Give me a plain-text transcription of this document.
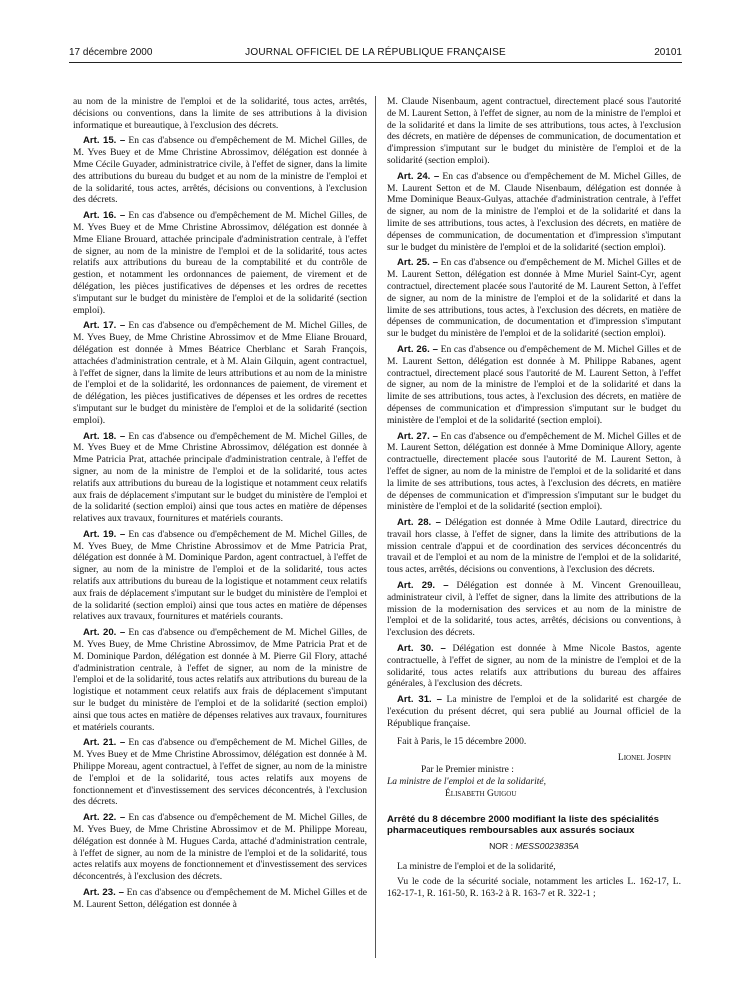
17 décembre 2000	JOURNAL OFFICIEL DE LA RÉPUBLIQUE FRANÇAISE	20101
au nom de la ministre de l'emploi et de la solidarité, tous actes, arrêtés, décisions ou conventions, dans la limite de ses attributions à la division informatique et bureautique, à l'exclusion des décrets.
Art. 15. – En cas d'absence ou d'empêchement de M. Michel Gilles, de M. Yves Buey et de Mme Christine Abrossimov, délégation est donnée à Mme Cécile Guyader, administratrice civile, à l'effet de signer, dans la limite des attributions du bureau du budget et au nom de la ministre de l'emploi et de la solidarité, tous actes, arrêtés, décisions ou conventions, à l'exclusion des décrets.
Art. 16. – En cas d'absence ou d'empêchement de M. Michel Gilles, de M. Yves Buey et de Mme Christine Abrossimov, délégation est donnée à Mme Eliane Brouard, attachée principale d'administration centrale, à l'effet de signer, au nom de la ministre de l'emploi et de la solidarité, tous actes relatifs aux attributions du bureau de la comptabilité et du contrôle de gestion, et notamment les ordonnances de paiement, de virement et de délégation, les pièces justificatives de dépenses et les ordres de recettes s'imputant sur le budget du ministère de l'emploi et de la solidarité (section emploi).
Art. 17. – En cas d'absence ou d'empêchement de M. Michel Gilles, de M. Yves Buey, de Mme Christine Abrossimov et de Mme Eliane Brouard, délégation est donnée à Mmes Béatrice Cherblanc et Sarah François, attachées d'administration centrale, et à M. Alain Gilquin, agent contractuel, à l'effet de signer, dans la limite de leurs attributions et au nom de la ministre de l'emploi et de la solidarité, les ordonnances de paiement, de virement et de délégation, les pièces justificatives de dépenses et les ordres de recettes s'imputant sur le budget du ministère de l'emploi et de la solidarité (section emploi).
Art. 18. – En cas d'absence ou d'empêchement de M. Michel Gilles, de M. Yves Buey et de Mme Christine Abrossimov, délégation est donnée à Mme Patricia Prat, attachée principale d'administration centrale, à l'effet de signer, au nom de la ministre de l'emploi et de la solidarité, tous actes relatifs aux attributions du bureau de la logistique et notamment ceux relatifs aux frais de déplacement s'imputant sur le budget du ministère de l'emploi et de la solidarité (section emploi) ainsi que tous actes en matière de dépenses relatives aux travaux, fournitures et matériels courants.
Art. 19. – En cas d'absence ou d'empêchement de M. Michel Gilles, de M. Yves Buey, de Mme Christine Abrossimov et de Mme Patricia Prat, délégation est donnée à M. Dominique Pardon, agent contractuel, à l'effet de signer, au nom de la ministre de l'emploi et de la solidarité, tous actes relatifs aux attributions du bureau de la logistique et notamment ceux relatifs aux frais de déplacement s'imputant sur le budget du ministère de l'emploi et de la solidarité (section emploi) ainsi que tous actes en matière de dépenses relatives aux travaux, fournitures et matériels courants.
Art. 20. – En cas d'absence ou d'empêchement de M. Michel Gilles, de M. Yves Buey, de Mme Christine Abrossimov, de Mme Patricia Prat et de M. Dominique Pardon, délégation est donnée à M. Pierre Gil Flory, attaché d'administration centrale, à l'effet de signer, au nom de la ministre de l'emploi et de la solidarité, tous actes relatifs aux attributions du bureau de la logistique et notamment ceux relatifs aux frais de déplacement s'imputant sur le budget du ministère de l'emploi et de la solidarité (section emploi) ainsi que tous actes en matière de dépenses relatives aux travaux, fournitures et matériels courants.
Art. 21. – En cas d'absence ou d'empêchement de M. Michel Gilles, de M. Yves Buey et de Mme Christine Abrossimov, délégation est donnée à M. Philippe Moreau, agent contractuel, à l'effet de signer, au nom de la ministre de l'emploi et de la solidarité, tous actes relatifs aux moyens de fonctionnement et d'investissement des services déconcentrés, à l'exclusion des décrets.
Art. 22. – En cas d'absence ou d'empêchement de M. Michel Gilles, de M. Yves Buey, de Mme Christine Abrossimov et de M. Philippe Moreau, délégation est donnée à M. Hugues Carda, attaché d'administration centrale, à l'effet de signer, au nom de la ministre de l'emploi et de la solidarité, tous actes relatifs aux moyens de fonctionnement et d'investissement des services déconcentrés, à l'exclusion des décrets.
Art. 23. – En cas d'absence ou d'empêchement de M. Michel Gilles et de M. Laurent Setton, délégation est donnée à
M. Claude Nisenbaum, agent contractuel, directement placé sous l'autorité de M. Laurent Setton, à l'effet de signer, au nom de la ministre de l'emploi et de la solidarité et dans la limite de ses attributions, tous actes, à l'exclusion des décrets, en matière de dépenses de communication, de documentation et d'impression s'imputant sur le budget du ministère de l'emploi et de la solidarité (section emploi).
Art. 24. – En cas d'absence ou d'empêchement de M. Michel Gilles, de M. Laurent Setton et de M. Claude Nisenbaum, délégation est donnée à Mme Dominique Beaux-Gulyas, attachée d'administration centrale, à l'effet de signer, au nom de la ministre de l'emploi et de la solidarité et dans la limite de ses attributions, tous actes, à l'exclusion des décrets, en matière de dépenses de communication, de documentation et d'impression s'imputant sur le budget du ministère de l'emploi et de la solidarité (section emploi).
Art. 25. – En cas d'absence ou d'empêchement de M. Michel Gilles et de M. Laurent Setton, délégation est donnée à Mme Muriel Saint-Cyr, agent contractuel, directement placée sous l'autorité de M. Laurent Setton, à l'effet de signer, au nom de la ministre de l'emploi et de la solidarité et dans la limite de ses attributions, tous actes, à l'exclusion des décrets, en matière de dépenses de communication, de documentation et d'impression s'imputant sur le budget du ministère de l'emploi et de la solidarité (section emploi).
Art. 26. – En cas d'absence ou d'empêchement de M. Michel Gilles et de M. Laurent Setton, délégation est donnée à M. Philippe Rabanes, agent contractuel, directement placé sous l'autorité de M. Laurent Setton, à l'effet de signer, au nom de la ministre de l'emploi et de la solidarité et dans la limite de ses attributions, tous actes, à l'exclusion des décrets, en matière de dépenses de communication et d'impression s'imputant sur le budget du ministère de l'emploi et de la solidarité (section emploi).
Art. 27. – En cas d'absence ou d'empêchement de M. Michel Gilles et de M. Laurent Setton, délégation est donnée à Mme Dominique Allory, agente contractuelle, directement placée sous l'autorité de M. Laurent Setton, à l'effet de signer, au nom de la ministre de l'emploi et de la solidarité et dans la limite de ses attributions, tous actes, à l'exclusion des décrets, en matière de dépenses de communication et d'impression s'imputant sur le budget du ministère de l'emploi et de la solidarité (section emploi).
Art. 28. – Délégation est donnée à Mme Odile Lautard, directrice du travail hors classe, à l'effet de signer, dans la limite des attributions de la mission centrale d'appui et de coordination des services déconcentrés du travail et de l'emploi et au nom de la ministre de l'emploi et de la solidarité, tous actes, arrêtés, décisions ou conventions, à l'exclusion des décrets.
Art. 29. – Délégation est donnée à M. Vincent Grenouilleau, administrateur civil, à l'effet de signer, dans la limite des attributions de la mission de la modernisation des services et au nom de la ministre de l'emploi et de la solidarité, tous actes, arrêtés, décisions ou conventions, à l'exclusion des décrets.
Art. 30. – Délégation est donnée à Mme Nicole Bastos, agente contractuelle, à l'effet de signer, au nom de la ministre de l'emploi et de la solidarité, tous actes relatifs aux attributions du bureau des affaires générales, à l'exclusion des décrets.
Art. 31. – La ministre de l'emploi et de la solidarité est chargée de l'exécution du présent décret, qui sera publié au Journal officiel de la République française.
Fait à Paris, le 15 décembre 2000.
Lionel Jospin
Par le Premier ministre :
La ministre de l'emploi et de la solidarité,
Élisabeth Guigou
Arrêté du 8 décembre 2000 modifiant la liste des spécialités pharmaceutiques remboursables aux assurés sociaux
NOR : MESS0023835A
La ministre de l'emploi et de la solidarité,
Vu le code de la sécurité sociale, notamment les articles L. 162-17, L. 162-17-1, R. 161-50, R. 163-2 à R. 163-7 et R. 322-1 ;
